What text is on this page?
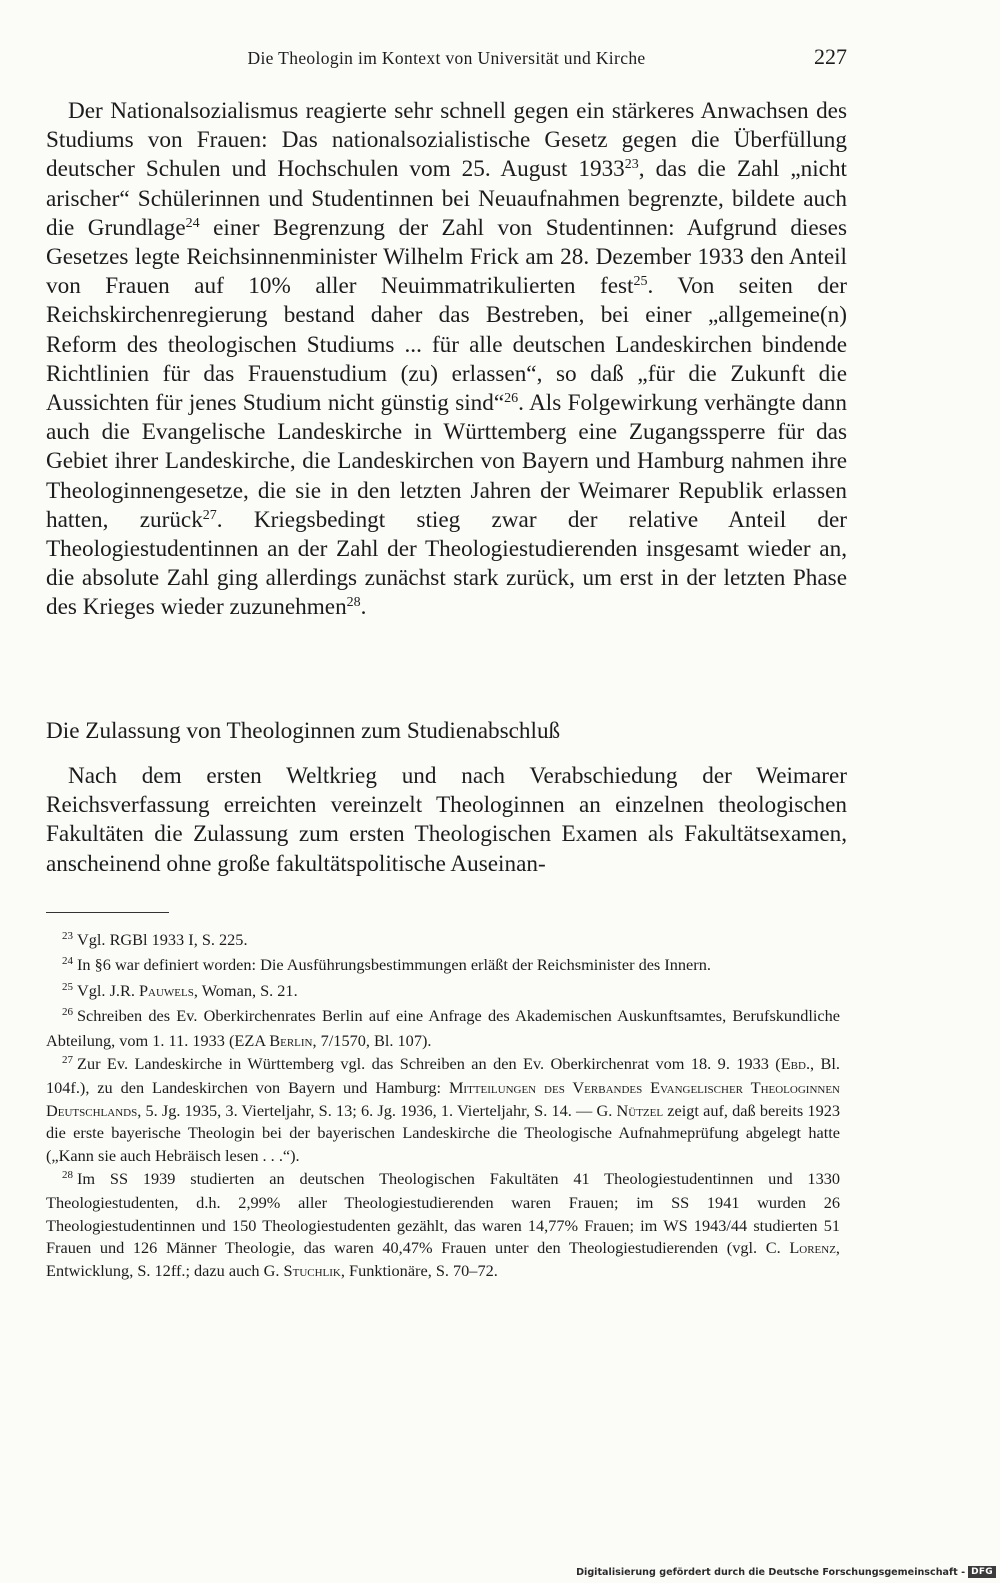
Die Theologin im Kontext von Universität und Kirche	227

Der Nationalsozialismus reagierte sehr schnell gegen ein stärkeres Anwachsen des Studiums von Frauen: Das nationalsozialistische Gesetz gegen die Überfüllung deutscher Schulen und Hochschulen vom 25. August 1933$^{23}$, das die Zahl „nicht arischer“ Schülerinnen und Studentinnen bei Neuaufnahmen begrenzte, bildete auch die Grundlage$^{24}$ einer Begrenzung der Zahl von Studentinnen: Aufgrund dieses Gesetzes legte Reichsinnenminister Wilhelm Frick am 28. Dezember 1933 den Anteil von Frauen auf 10% aller Neuimmatrikulierten fest$^{25}$. Von seiten der Reichskirchenregierung bestand daher das Bestreben, bei einer „allgemeine(n) Reform des theologischen Studiums ... für alle deutschen Landeskirchen bindende Richtlinien für das Frauenstudium (zu) erlassen“, so daß „für die Zukunft die Aussichten für jenes Studium nicht günstig sind“$^{26}$. Als Folgewirkung verhängte dann auch die Evangelische Landeskirche in Württemberg eine Zugangssperre für das Gebiet ihrer Landeskirche, die Landeskirchen von Bayern und Hamburg nahmen ihre Theologinnengesetze, die sie in den letzten Jahren der Weimarer Republik erlassen hatten, zurück$^{27}$. Kriegsbedingt stieg zwar der relative Anteil der Theologiestudentinnen an der Zahl der Theologiestudierenden insgesamt wieder an, die absolute Zahl ging allerdings zunächst stark zurück, um erst in der letzten Phase des Krieges wieder zuzunehmen$^{28}$.

Die Zulassung von Theologinnen zum Studienabschluß

Nach dem ersten Weltkrieg und nach Verabschiedung der Weimarer Reichsverfassung erreichten vereinzelt Theologinnen an einzelnen theologischen Fakultäten die Zulassung zum ersten Theologischen Examen als Fakultätsexamen, anscheinend ohne große fakultätspolitische Auseinan-

$^{23}$ Vgl. RGBl 1933 I, S. 225.

$^{24}$ In §6 war definiert worden: Die Ausführungsbestimmungen erläßt der Reichsminister des Innern.

$^{25}$ Vgl. J.R. Pauwels, Woman, S. 21.

$^{26}$ Schreiben des Ev. Oberkirchenrates Berlin auf eine Anfrage des Akademischen Auskunftsamtes, Berufskundliche Abteilung, vom 1. 11. 1933 (EZA Berlin, 7/1570, Bl. 107).

$^{27}$ Zur Ev. Landeskirche in Württemberg vgl. das Schreiben an den Ev. Oberkirchenrat vom 18. 9. 1933 (Ebd., Bl. 104f.), zu den Landeskirchen von Bayern und Hamburg: Mitteilungen des Verbandes Evangelischer Theologinnen Deutschlands, 5. Jg. 1935, 3. Vierteljahr, S. 13; 6. Jg. 1936, 1. Vierteljahr, S. 14. — G. Nützel zeigt auf, daß bereits 1923 die erste bayerische Theologin bei der bayerischen Landeskirche die Theologische Aufnahmeprüfung abgelegt hatte („Kann sie auch Hebräisch lesen . . .“).

$^{28}$ Im SS 1939 studierten an deutschen Theologischen Fakultäten 41 Theologiestudentinnen und 1330 Theologiestudenten, d.h. 2,99% aller Theologiestudierenden waren Frauen; im SS 1941 wurden 26 Theologiestudentinnen und 150 Theologiestudenten gezählt, das waren 14,77% Frauen; im WS 1943/44 studierten 51 Frauen und 126 Männer Theologie, das waren 40,47% Frauen unter den Theologiestudierenden (vgl. C. Lorenz, Entwicklung, S. 12ff.; dazu auch G. Stuchlik, Funktionäre, S. 70–72.

Digitalisierung gefördert durch die Deutsche Forschungsgemeinschaft - DFG
